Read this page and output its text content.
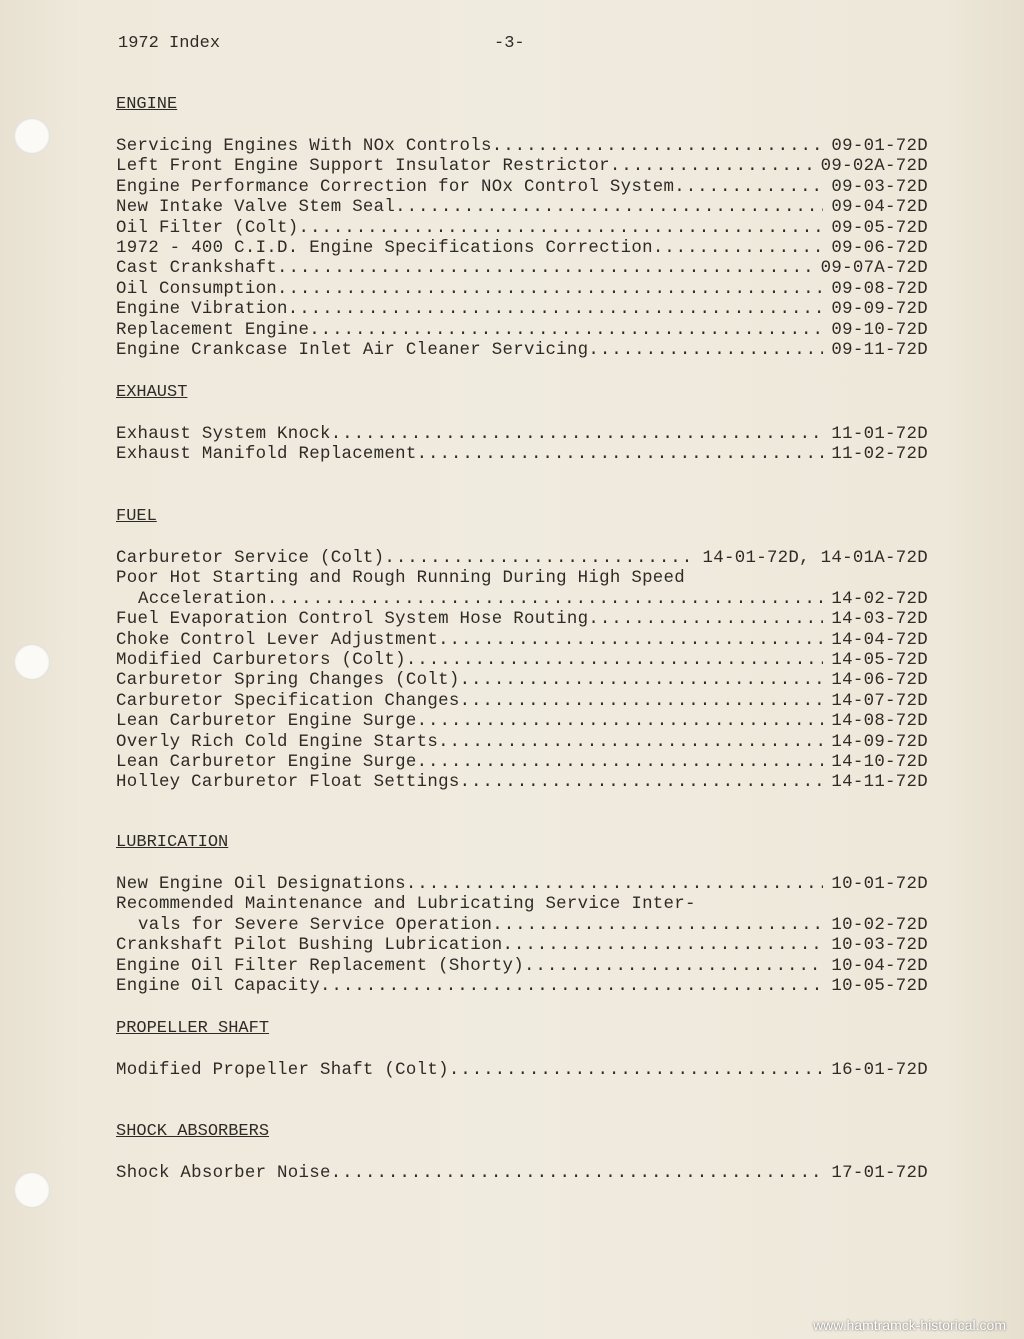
1972 Index	-3-
ENGINE
Servicing Engines With NOx Controls .....	09-01-72D
Left Front Engine Support Insulator Restrictor .....	09-02A-72D
Engine Performance Correction for NOx Control System .....	09-03-72D
New Intake Valve Stem Seal .....	09-04-72D
Oil Filter (Colt) .....	09-05-72D
1972 - 400 C.I.D. Engine Specifications Correction .....	09-06-72D
Cast Crankshaft .....	09-07A-72D
Oil Consumption .....	09-08-72D
Engine Vibration .....	09-09-72D
Replacement Engine .....	09-10-72D
Engine Crankcase Inlet Air Cleaner Servicing .....	09-11-72D
EXHAUST
Exhaust System Knock .....	11-01-72D
Exhaust Manifold Replacement .....	11-02-72D
FUEL
Carburetor Service (Colt) .....	14-01-72D, 14-01A-72D
Poor Hot Starting and Rough Running During High Speed
Acceleration .....	14-02-72D
Fuel Evaporation Control System Hose Routing .....	14-03-72D
Choke Control Lever Adjustment .....	14-04-72D
Modified Carburetors (Colt) .....	14-05-72D
Carburetor Spring Changes (Colt) .....	14-06-72D
Carburetor Specification Changes .....	14-07-72D
Lean Carburetor Engine Surge .....	14-08-72D
Overly Rich Cold Engine Starts .....	14-09-72D
Lean Carburetor Engine Surge .....	14-10-72D
Holley Carburetor Float Settings .....	14-11-72D
LUBRICATION
New Engine Oil Designations .....	10-01-72D
Recommended Maintenance and Lubricating Service Inter-
vals for Severe Service Operation .....	10-02-72D
Crankshaft Pilot Bushing Lubrication .....	10-03-72D
Engine Oil Filter Replacement (Shorty) .....	10-04-72D
Engine Oil Capacity .....	10-05-72D
PROPELLER SHAFT
Modified Propeller Shaft (Colt) .....	16-01-72D
SHOCK ABSORBERS
Shock Absorber Noise .....	17-01-72D
www.hamtramck-historical.com
